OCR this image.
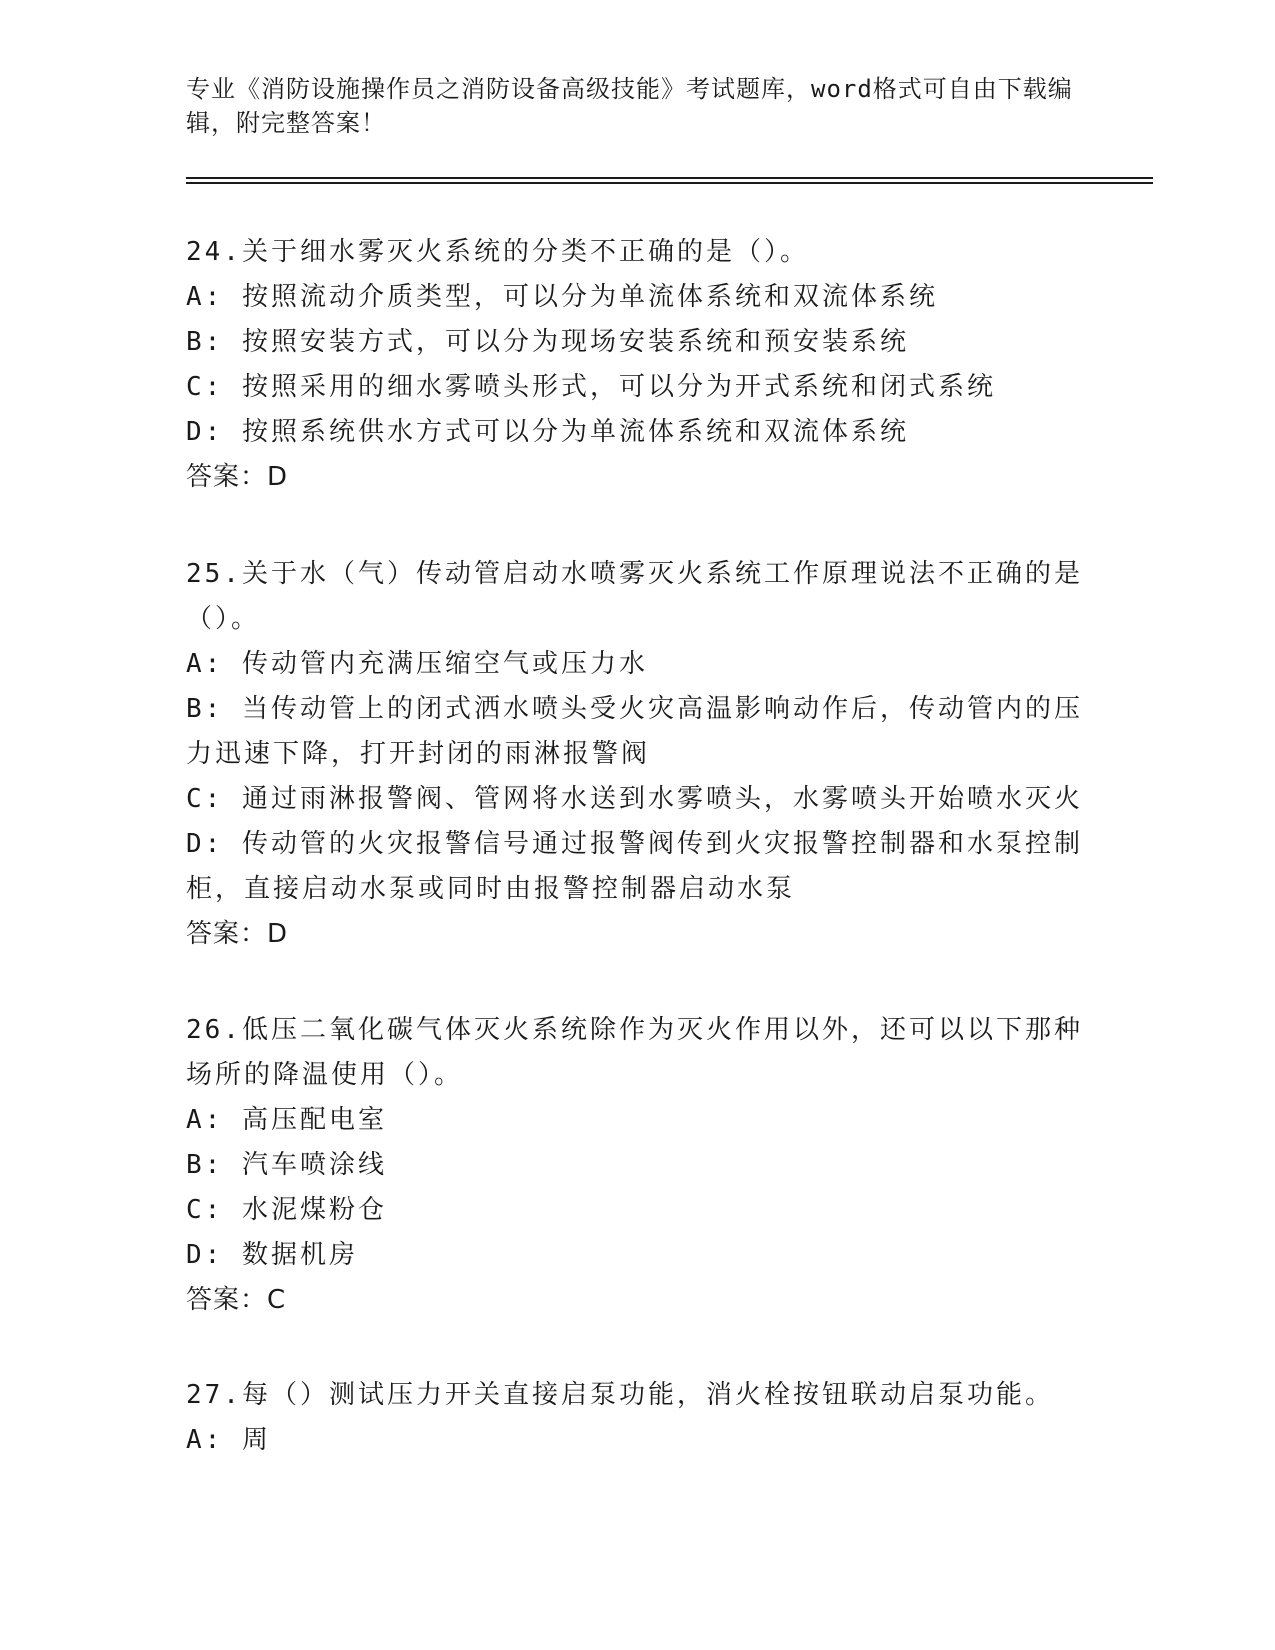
专业《消防设施操作员之消防设备高级技能》考试题库，word格式可自由下载编辑，附完整答案！
24.关于细水雾灭火系统的分类不正确的是（）。
A: 按照流动介质类型，可以分为单流体系统和双流体系统
B: 按照安装方式，可以分为现场安装系统和预安装系统
C: 按照采用的细水雾喷头形式，可以分为开式系统和闭式系统
D: 按照系统供水方式可以分为单流体系统和双流体系统
答案：D
25.关于水（气）传动管启动水喷雾灭火系统工作原理说法不正确的是（）。
A: 传动管内充满压缩空气或压力水
B: 当传动管上的闭式洒水喷头受火灾高温影响动作后，传动管内的压力迅速下降，打开封闭的雨淋报警阀
C: 通过雨淋报警阀、管网将水送到水雾喷头，水雾喷头开始喷水灭火
D: 传动管的火灾报警信号通过报警阀传到火灾报警控制器和水泵控制柜，直接启动水泵或同时由报警控制器启动水泵
答案：D
26.低压二氧化碳气体灭火系统除作为灭火作用以外，还可以以下那种场所的降温使用（）。
A: 高压配电室
B: 汽车喷涂线
C: 水泥煤粉仓
D: 数据机房
答案：C
27.每（）测试压力开关直接启泵功能，消火栓按钮联动启泵功能。
A: 周
